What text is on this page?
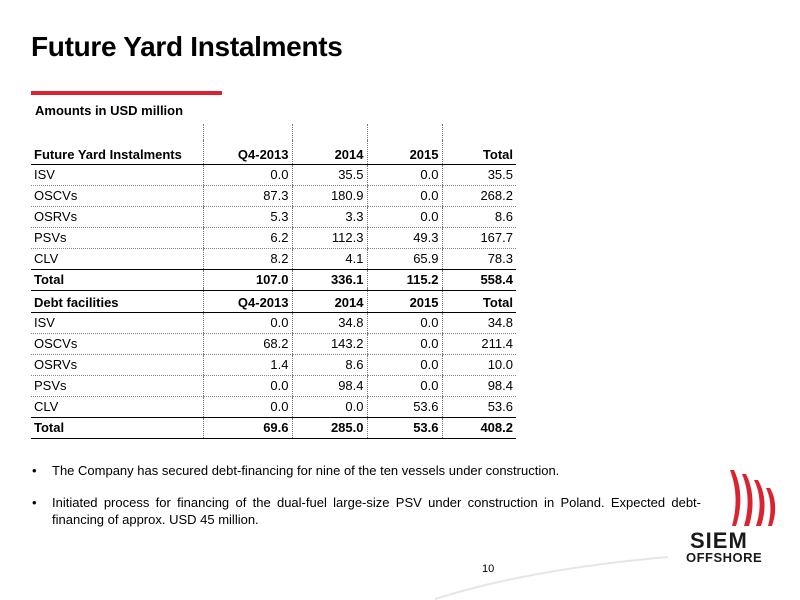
Future Yard Instalments
Amounts in USD million

Future Yard Instalments	Q4-2013	2014	2015	Total
ISV	0.0	35.5	0.0	35.5
OSCVs	87.3	180.9	0.0	268.2
OSRVs	5.3	3.3	0.0	8.6
PSVs	6.2	112.3	49.3	167.7
CLV	8.2	4.1	65.9	78.3
Total	107.0	336.1	115.2	558.4
Debt facilities	Q4-2013	2014	2015	Total
ISV	0.0	34.8	0.0	34.8
OSCVs	68.2	143.2	0.0	211.4
OSRVs	1.4	8.6	0.0	10.0
PSVs	0.0	98.4	0.0	98.4
CLV	0.0	0.0	53.6	53.6
Total	69.6	285.0	53.6	408.2
• The Company has secured debt-financing for nine of the ten vessels under construction.
• Initiated process for financing of the dual-fuel large-size PSV under construction in Poland. Expected debt-financing of approx. USD 45 million.
10
SIEM
OFFSHORE
